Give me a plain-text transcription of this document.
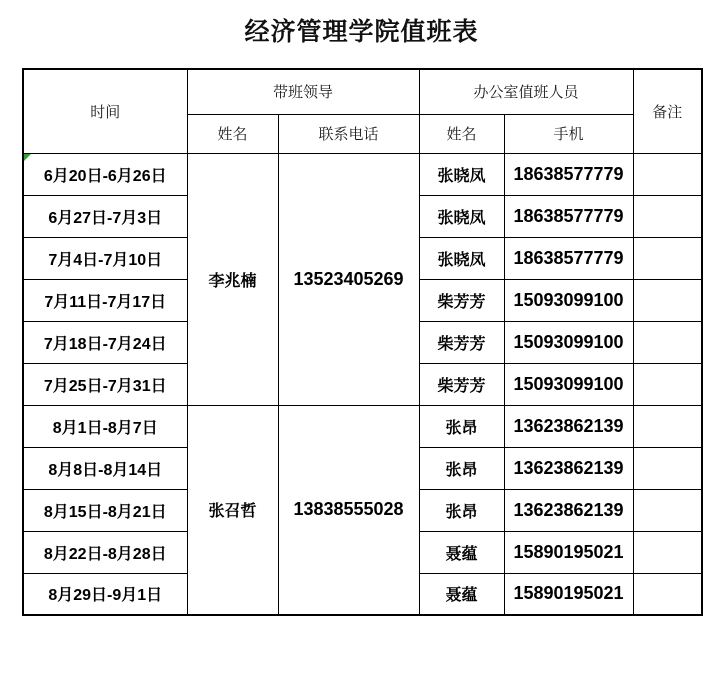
经济管理学院值班表
时间	带班领导		办公室值班人员		备注
	姓名	联系电话	姓名	手机	

6月20日-6月26日	李兆楠	13523405269	张晓凤	18638577779	
6月27日-7月3日			张晓凤	18638577779	
7月4日-7月10日			张晓凤	18638577779	
7月11日-7月17日			柴芳芳	15093099100	
7月18日-7月24日			柴芳芳	15093099100	
7月25日-7月31日			柴芳芳	15093099100	
8月1日-8月7日	张召哲	13838555028	张昂	13623862139	
8月8日-8月14日			张昂	13623862139	
8月15日-8月21日			张昂	13623862139	
8月22日-8月28日			聂蕴	15890195021	
8月29日-9月1日			聂蕴	15890195021	
